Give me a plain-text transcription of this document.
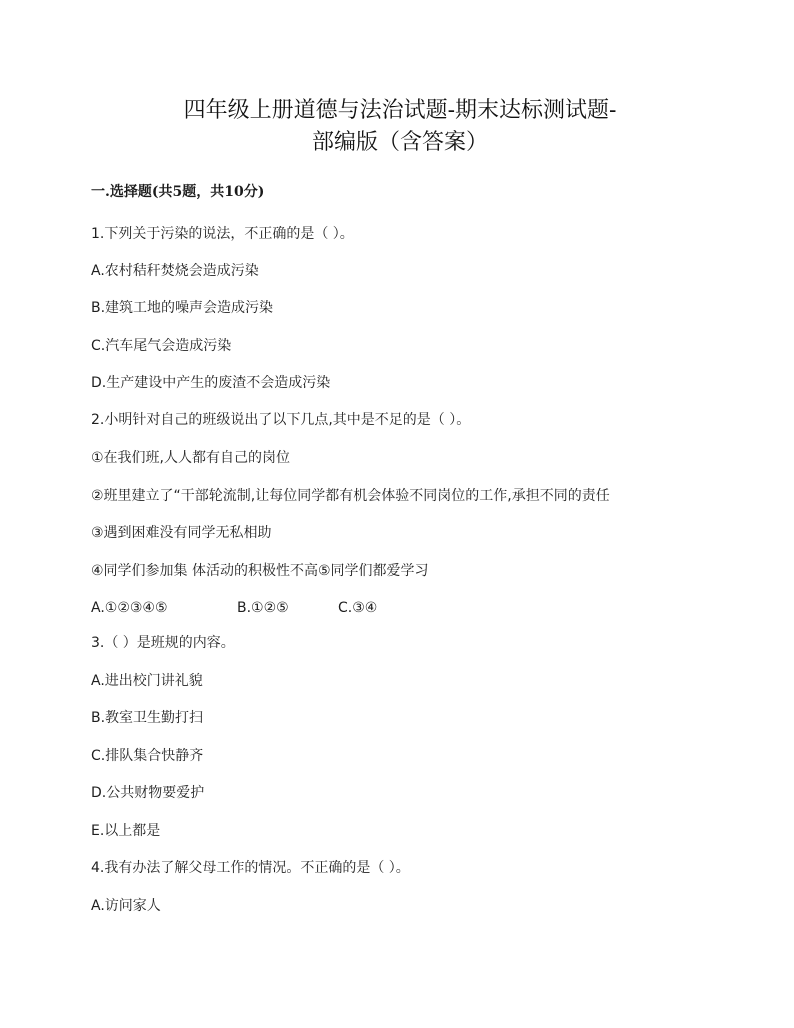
四年级上册道德与法治试题-期末达标测试题-
部编版（含答案）
一.选择题(共5题，共10分)
1.下列关于污染的说法，不正确的是（ ）。
A.农村秸秆焚烧会造成污染
B.建筑工地的噪声会造成污染
C.汽车尾气会造成污染
D.生产建设中产生的废渣不会造成污染
2.小明针对自己的班级说出了以下几点,其中是不足的是（ ）。
①在我们班,人人都有自己的岗位
②班里建立了“干部轮流制,让每位同学都有机会体验不同岗位的工作,承担不同的责任
③遇到困难没有同学无私相助
④同学们参加集 体活动的积极性不高⑤同学们都爱学习
A.①②③④⑤	B.①②⑤	C.③④
3.（ ）是班规的内容。
A.进出校门讲礼貌
B.教室卫生勤打扫
C.排队集合快静齐
D.公共财物要爱护
E.以上都是
4.我有办法了解父母工作的情况。不正确的是（ ）。
A.访问家人
